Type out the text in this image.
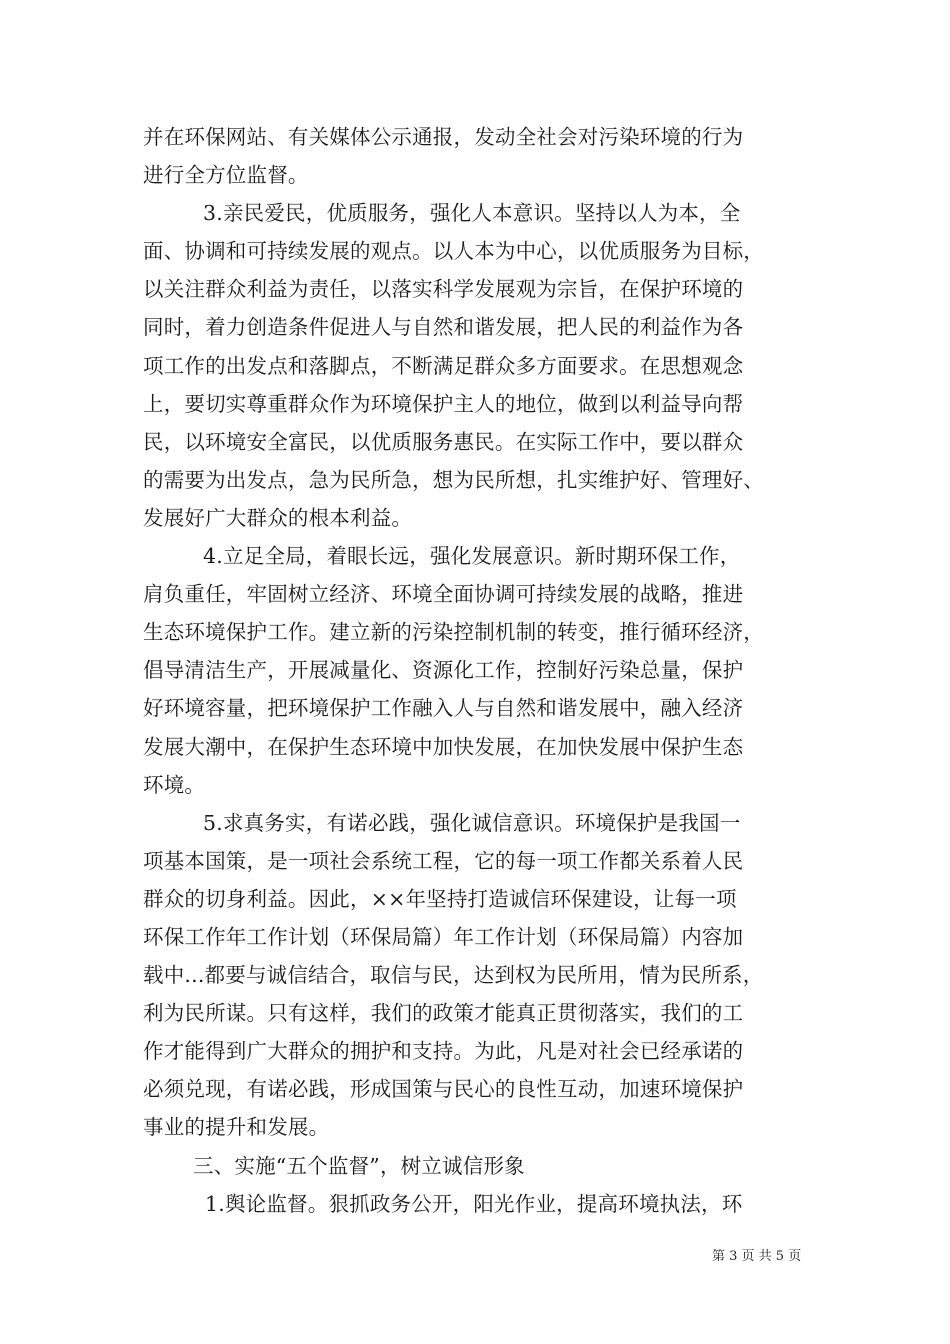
并在环保网站、有关媒体公示通报，发动全社会对污染环境的行为
进行全方位监督。
3.亲民爱民，优质服务，强化人本意识。坚持以人为本，全
面、协调和可持续发展的观点。以人本为中心，以优质服务为目标，
以关注群众利益为责任，以落实科学发展观为宗旨，在保护环境的
同时，着力创造条件促进人与自然和谐发展，把人民的利益作为各
项工作的出发点和落脚点，不断满足群众多方面要求。在思想观念
上，要切实尊重群众作为环境保护主人的地位，做到以利益导向帮
民，以环境安全富民，以优质服务惠民。在实际工作中，要以群众
的需要为出发点，急为民所急，想为民所想，扎实维护好、管理好、
发展好广大群众的根本利益。
4.立足全局，着眼长远，强化发展意识。新时期环保工作，
肩负重任，牢固树立经济、环境全面协调可持续发展的战略，推进
生态环境保护工作。建立新的污染控制机制的转变，推行循环经济，
倡导清洁生产，开展减量化、资源化工作，控制好污染总量，保护
好环境容量，把环境保护工作融入人与自然和谐发展中，融入经济
发展大潮中，在保护生态环境中加快发展，在加快发展中保护生态
环境。
5.求真务实，有诺必践，强化诚信意识。环境保护是我国一
项基本国策，是一项社会系统工程，它的每一项工作都关系着人民
群众的切身利益。因此，××年坚持打造诚信环保建设，让每一项
环保工作年工作计划（环保局篇）年工作计划（环保局篇）内容加
载中...都要与诚信结合，取信与民，达到权为民所用，情为民所系，
利为民所谋。只有这样，我们的政策才能真正贯彻落实，我们的工
作才能得到广大群众的拥护和支持。为此，凡是对社会已经承诺的
必须兑现，有诺必践，形成国策与民心的良性互动，加速环境保护
事业的提升和发展。
三、实施“五个监督”，树立诚信形象
1.舆论监督。狠抓政务公开，阳光作业，提高环境执法，环
第 3 页 共 5 页
